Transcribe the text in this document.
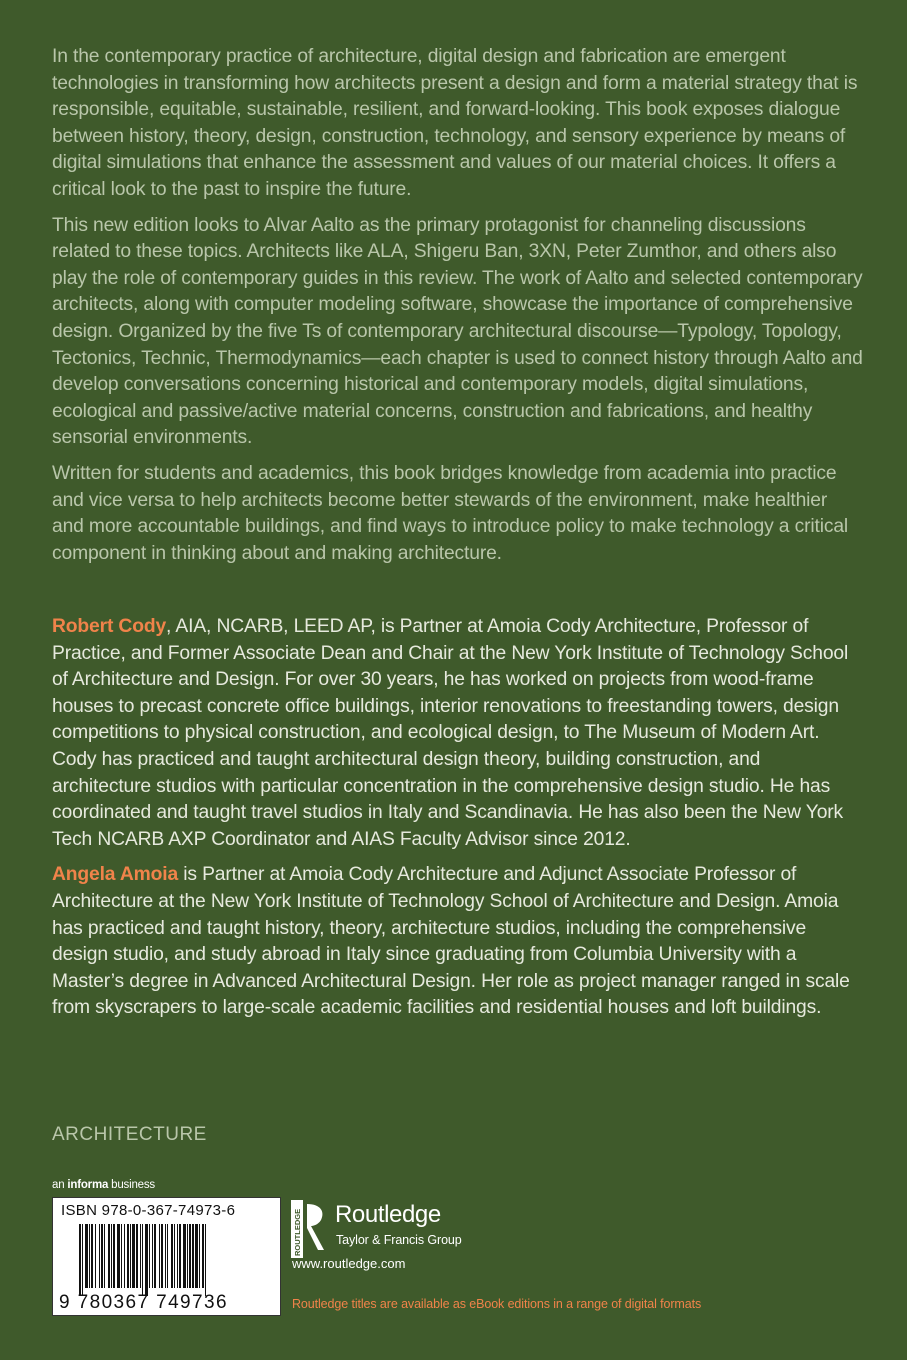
In the contemporary practice of architecture, digital design and fabrication are emergent technologies in transforming how architects present a design and form a material strategy that is responsible, equitable, sustainable, resilient, and forward-looking. This book exposes dialogue between history, theory, design, construction, technology, and sensory experience by means of digital simulations that enhance the assessment and values of our material choices. It offers a critical look to the past to inspire the future.

This new edition looks to Alvar Aalto as the primary protagonist for channeling discussions related to these topics. Architects like ALA, Shigeru Ban, 3XN, Peter Zumthor, and others also play the role of contemporary guides in this review. The work of Aalto and selected contemporary architects, along with computer modeling software, showcase the importance of comprehensive design. Organized by the five Ts of contemporary architectural discourse—Typology, Topology, Tectonics, Technic, Thermodynamics—each chapter is used to connect history through Aalto and develop conversations concerning historical and contemporary models, digital simulations, ecological and passive/active material concerns, construction and fabrications, and healthy sensorial environments.

Written for students and academics, this book bridges knowledge from academia into practice and vice versa to help architects become better stewards of the environment, make healthier and more accountable buildings, and find ways to introduce policy to make technology a critical component in thinking about and making architecture.

Robert Cody, AIA, NCARB, LEED AP, is Partner at Amoia Cody Architecture, Professor of Practice, and Former Associate Dean and Chair at the New York Institute of Technology School of Architecture and Design. For over 30 years, he has worked on projects from wood-frame houses to precast concrete office buildings, interior renovations to freestanding towers, design competitions to physical construction, and ecological design, to The Museum of Modern Art. Cody has practiced and taught architectural design theory, building construction, and architecture studios with particular concentration in the comprehensive design studio. He has coordinated and taught travel studios in Italy and Scandinavia. He has also been the New York Tech NCARB AXP Coordinator and AIAS Faculty Advisor since 2012.

Angela Amoia is Partner at Amoia Cody Architecture and Adjunct Associate Professor of Architecture at the New York Institute of Technology School of Architecture and Design. Amoia has practiced and taught history, theory, architecture studios, including the comprehensive design studio, and study abroad in Italy since graduating from Columbia University with a Master’s degree in Advanced Architectural Design. Her role as project manager ranged in scale from skyscrapers to large-scale academic facilities and residential houses and loft buildings.

ARCHITECTURE
an informa business
ISBN 978-0-367-74973-6
9 780367 749736
ROUTLEDGE Routledge
Taylor & Francis Group
www.routledge.com
Routledge titles are available as eBook editions in a range of digital formats
